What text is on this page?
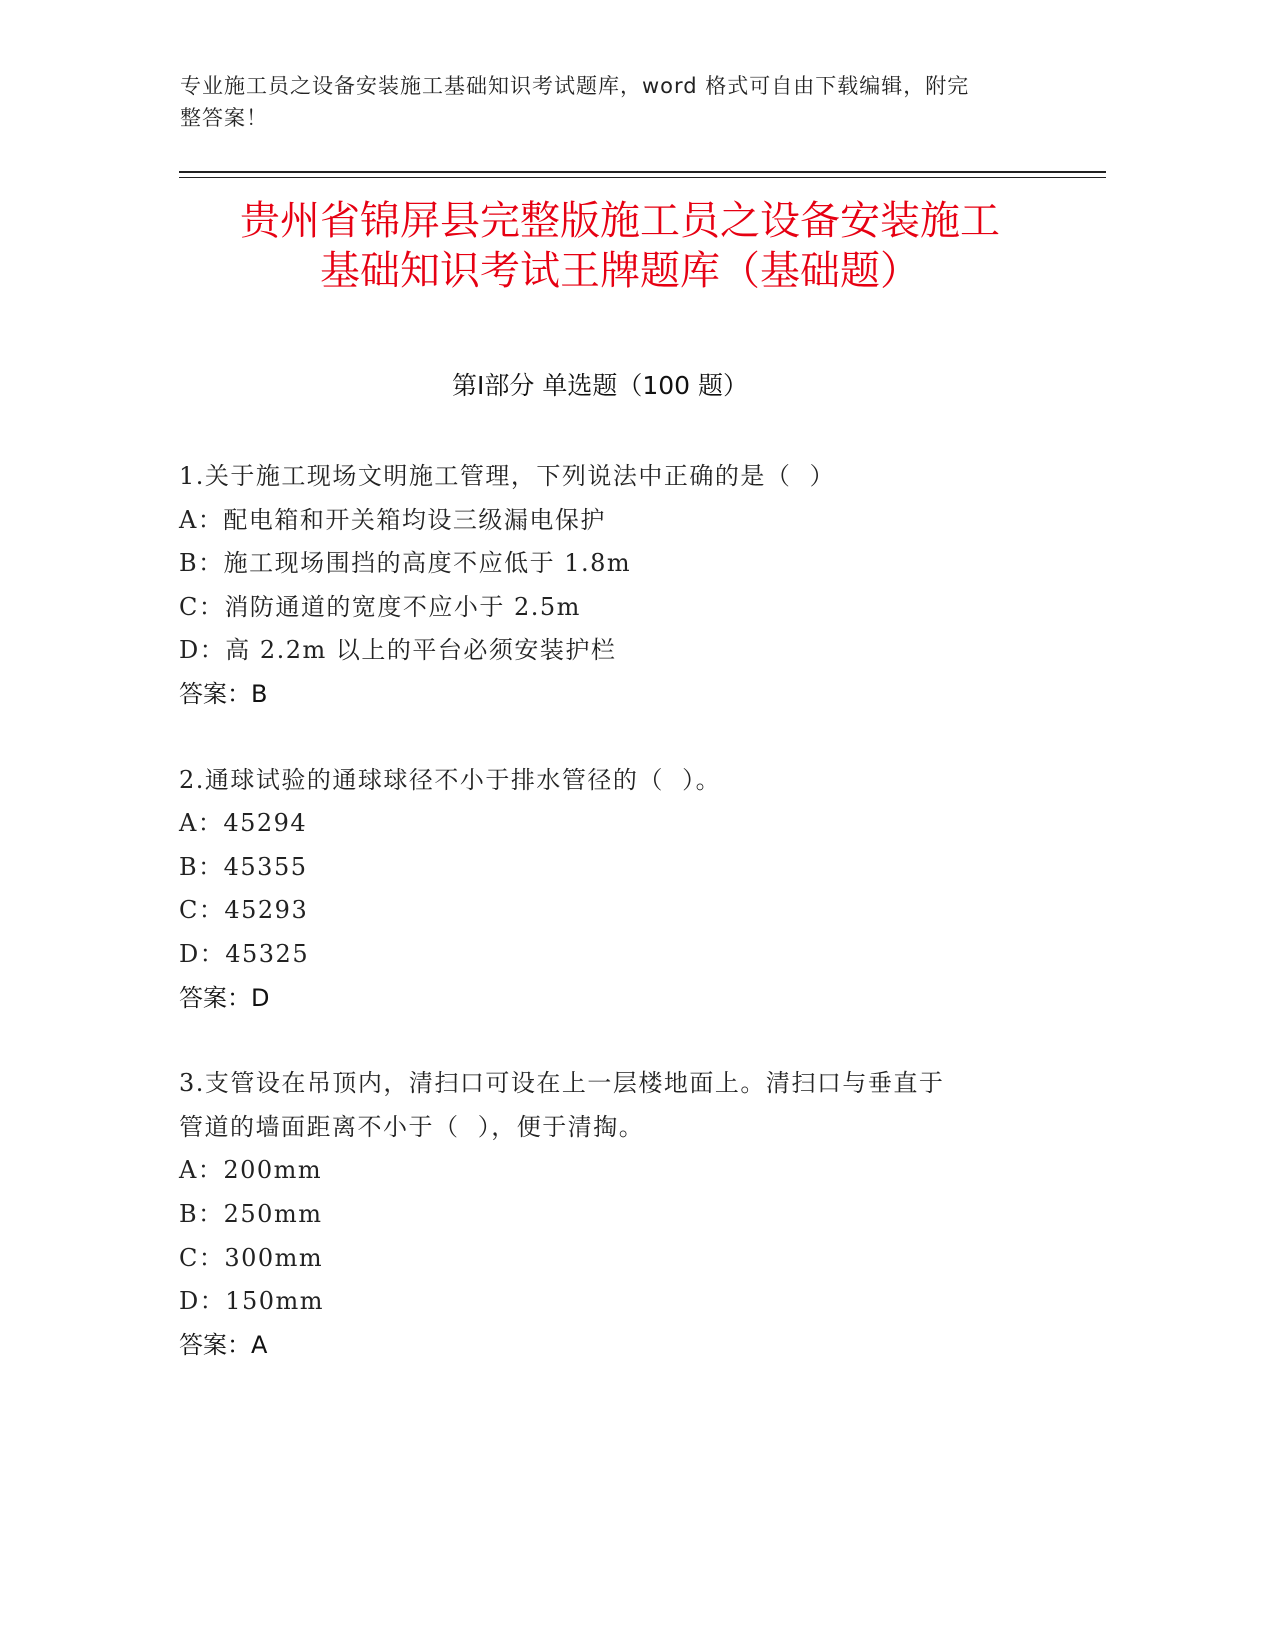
专业施工员之设备安装施工基础知识考试题库，word 格式可自由下载编辑，附完
整答案！
贵州省锦屏县完整版施工员之设备安装施工
基础知识考试王牌题库（基础题）
第Ⅰ部分 单选题（100 题）
1.关于施工现场文明施工管理，下列说法中正确的是（  ）
A：配电箱和开关箱均设三级漏电保护
B：施工现场围挡的高度不应低于 1.8m
C：消防通道的宽度不应小于 2.5m
D：高 2.2m 以上的平台必须安装护栏
答案：B
2.通球试验的通球球径不小于排水管径的（  ）。
A：45294
B：45355
C：45293
D：45325
答案：D
3.支管设在吊顶内，清扫口可设在上一层楼地面上。清扫口与垂直于
管道的墙面距离不小于（  ），便于清掏。
A：200mm
B：250mm
C：300mm
D：150mm
答案：A
